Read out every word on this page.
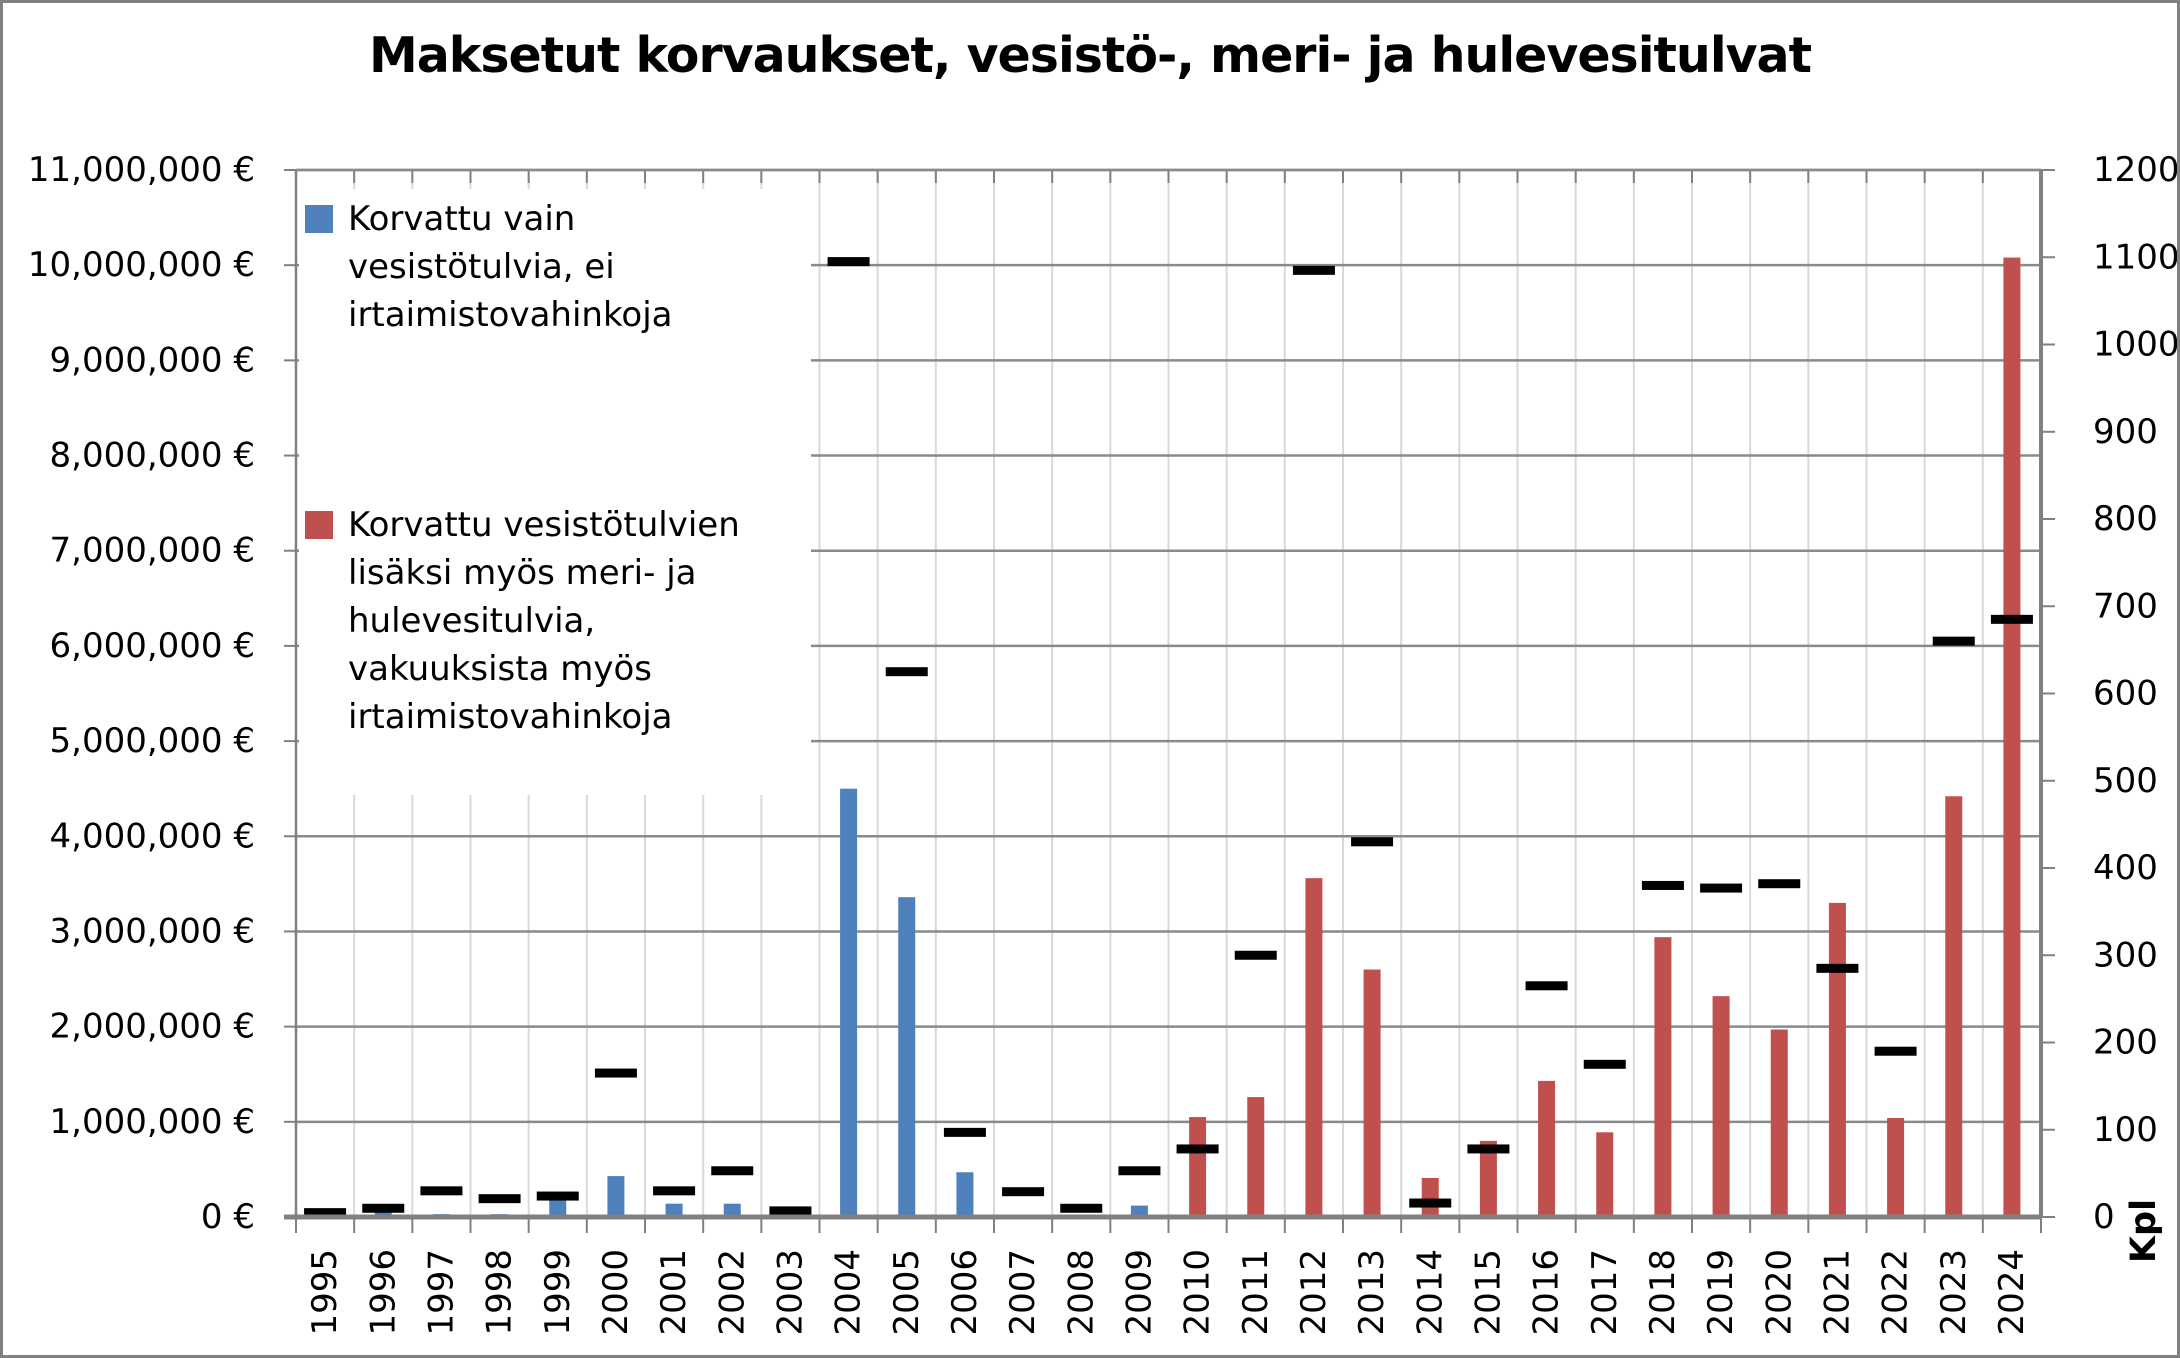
0 €
1,000,000 €
2,000,000 €
3,000,000 €
4,000,000 €
5,000,000 €
6,000,000 €
7,000,000 €
8,000,000 €
9,000,000 €
10,000,000 €
11,000,000 €
0
100
200
300
400
500
600
700
800
900
1000
1100
1200
1995 1996 1997 1998 1999 2000 2001 2002 2003 2004 2005 2006 2007 2008 2009 2010 2011 2012 2013 2014 2015 2016 2017 2018 2019 2020 2021 2022 2023 2024
Kpl
Maksetut korvaukset, vesistö-, meri- ja hulevesitulvat
Korvattu vain
vesistötulvia, ei
irtaimistovahinkoja
Korvattu vesistötulvien
lisäksi myös meri- ja
hulevesitulvia,
vakuuksista myös
irtaimistovahinkoja
